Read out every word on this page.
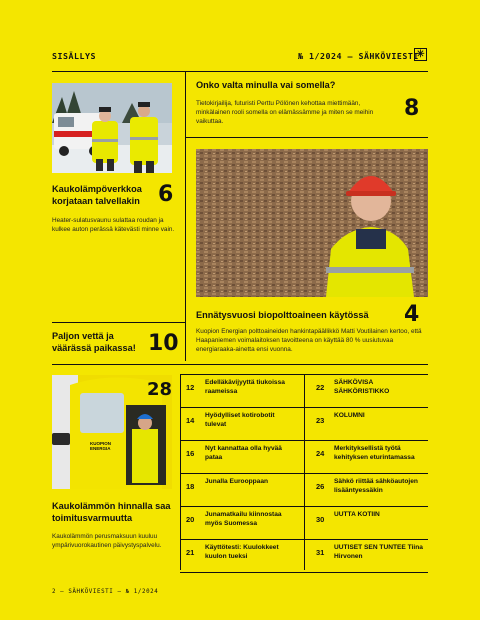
SISÄLLYS	№ 1/2024 — SÄHKÖVIESTI
✳
Onko valta minulla vai somella?
Tietokirjailija, futuristi Perttu Pölönen kehottaa miettimään, minkälainen rooli somella on elämässämme ja miten se meihin vaikuttaa.
8
Kaukolämpöverkkoa korjataan talvellakin 6
Heater-sulatusvaunu sulattaa roudan ja kulkee auton perässä kätevästi minne vain.
Ennätysvuosi biopolttoaineen käytössä	4
Kuopion Energian polttoaineiden hankintapäällikkö Matti Voutilainen kertoo, että Haapaniemen voimalaitoksen tavoitteena on käyttää 80 % uusiutuvaa energiaraaka-ainetta ensi vuonna.
Paljon vettä ja väärässä paikassa! 10
KUOPION ENERGIA
28
Kaukolämmön hinnalla saa toimitusvarmuutta
Kaukolämmön perusmaksuun kuuluu ympärivuorokautinen päivystyspalvelu.
12
Edelläkävijyyttä tiukoissa raameissa
14
Hyödylliset kotirobotit tulevat
16
Nyt kannattaa olla hyvää pataa
18
Junalla Eurooppaan
20
Junamatkailu kiinnostaa myös Suomessa
21
Käyttötesti: Kuulokkeet kuulon tueksi
22
SÄHKÖVISA SÄHKÖRISTIKKO
23
KOLUMNI
24
Merkityksellistä työtä kehityksen eturintamassa
26
Sähkö riittää sähköautojen lisääntyessäkin
30
UUTTA KOTIIN
31
UUTISET SEN TUNTEE Tiina Hirvonen
2 — SÄHKÖVIESTI — № 1/2024
